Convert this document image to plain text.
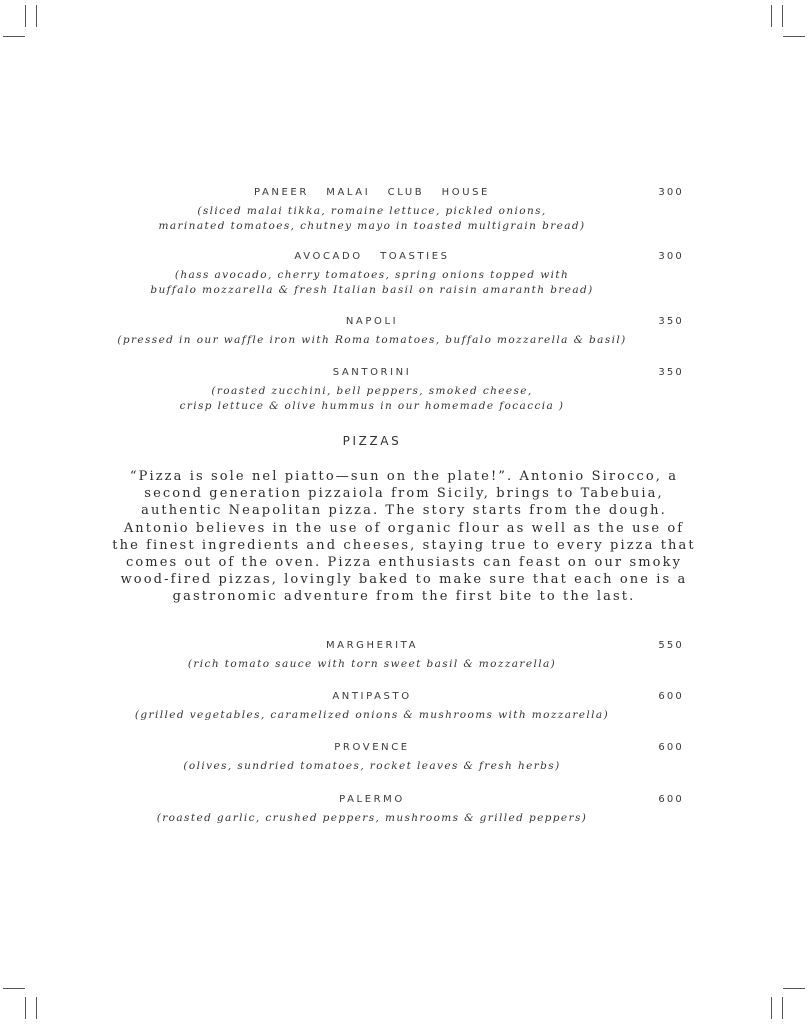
PANEER   MALAI   CLUB   HOUSE	300
(sliced malai tikka, romaine lettuce, pickled onions,
marinated tomatoes, chutney mayo in toasted multigrain bread)
AVOCADO   TOASTIES	300
(hass avocado, cherry tomatoes, spring onions topped with
buffalo mozzarella & fresh Italian basil on raisin amaranth bread)
NAPOLI	350
(pressed in our waffle iron with Roma tomatoes, buffalo mozzarella & basil)
SANTORINI	350
(roasted zucchini, bell peppers, smoked cheese,
crisp lettuce & olive hummus in our homemade focaccia )
PIZZAS
“Pizza is sole nel piatto—sun on the plate!”. Antonio Sirocco, a second generation pizzaiola from Sicily, brings to Tabebuia, authentic Neapolitan pizza. The story starts from the dough. Antonio believes in the use of organic flour as well as the use of the finest ingredients and cheeses, staying true to every pizza that comes out of the oven. Pizza enthusiasts can feast on our smoky wood-fired pizzas, lovingly baked to make sure that each one is a gastronomic adventure from the first bite to the last.
MARGHERITA	550
(rich tomato sauce with torn sweet basil & mozzarella)
ANTIPASTO	600
(grilled vegetables, caramelized onions & mushrooms with mozzarella)
PROVENCE	600
(olives, sundried tomatoes, rocket leaves & fresh herbs)
PALERMO	600
(roasted garlic, crushed peppers, mushrooms & grilled peppers)
